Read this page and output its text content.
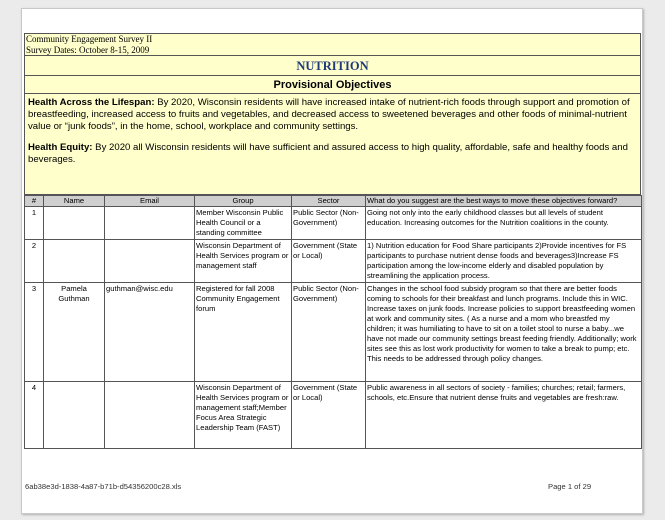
Community Engagement Survey II
Survey Dates: October 8-15, 2009
NUTRITION
Provisional Objectives

Health Across the Lifespan: By 2020, Wisconsin residents will have increased intake of nutrient-rich foods through support and promotion of breastfeeding, increased access to fruits and vegetables, and decreased access to sweetened beverages and other foods of minimal-nutrient value or “junk foods”, in the home, school, workplace and community settings.

Health Equity: By 2020 all Wisconsin residents will have sufficient and assured access to high quality, affordable, safe and healthy foods and beverages.

#	Name	Email	Group	Sector	What do you suggest are the best ways to move these objectives forward?
1			Member Wisconsin Public Health Council or a standing committee	Public Sector (Non-Government)	Going not only into the early childhood classes but all levels of student education. Increasing outcomes for the Nutrition coalitions in the county.
2			Wisconsin Department of Health Services program or management staff	Government (State or Local)	1) Nutrition education for Food Share participants 2)Provide incentives for FS participants to purchase nutrient dense foods and beverages3)Increase FS participation among the low-income elderly and disabled population by streamlining the application process.
3	Pamela Guthman	guthman@wisc.edu	Registered for fall 2008 Community Engagement forum	Public Sector (Non-Government)	Changes in the school food subsidy program so that there are better foods coming to schools for their breakfast and lunch programs. Include this in WIC. Increase taxes on junk foods. Increase policies to support breastfeeding women at work and community sites. ( As a nurse and a mom who breastfed my children; it was humiliating to have to sit on a toilet stool to nurse a baby...we have not made our community settings breast feeding friendly. Additionally; work sites see this as lost work productivity for women to take a break to pump; etc. This needs to be addressed through policy changes.
4			Wisconsin Department of Health Services program or management staff;Member Focus Area Strategic Leadership Team (FAST)	Government (State or Local)	Public awareness in all sectors of society - families; churches; retail; farmers, schools, etc.Ensure that nutrient dense fruits and vegetables are fresh:raw.
6ab38e3d-1838-4a87-b71b-d54356200c28.xls	Page 1 of 29
